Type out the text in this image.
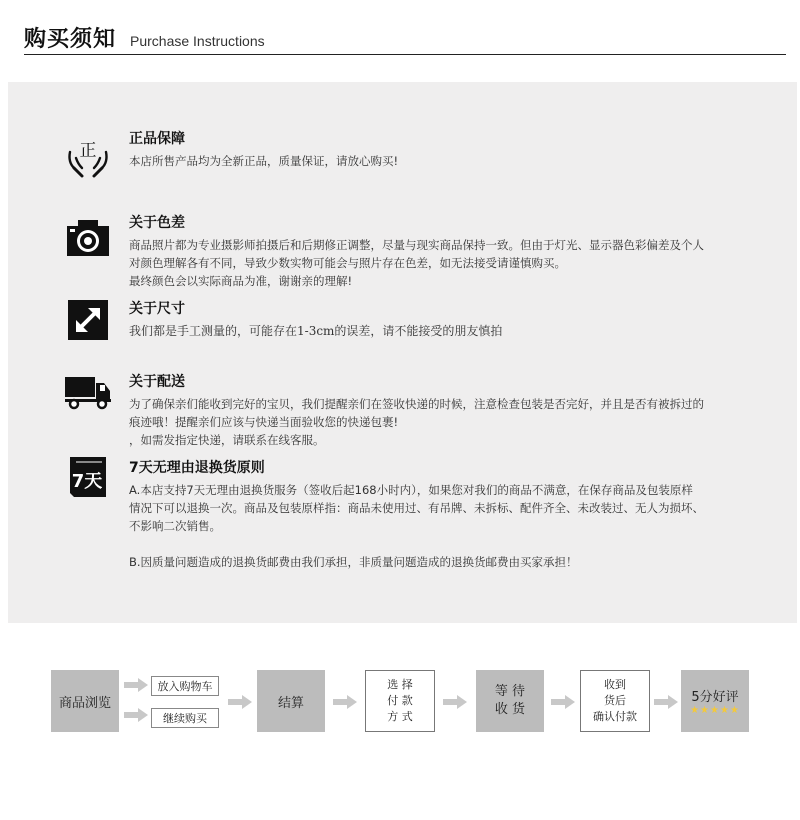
购买须知 Purchase Instructions
正
正品保障

本店所售产品均为全新正品，质量保证，请放心购买!

关于色差

商品照片都为专业摄影师拍摄后和后期修正调整，尽量与现实商品保持一致。但由于灯光、显示器色彩偏差及个人

对颜色理解各有不同，导致少数实物可能会与照片存在色差，如无法接受请谨慎购买。

最终颜色会以实际商品为准，谢谢亲的理解!

关于尺寸

我们都是手工测量的，可能存在1-3cm的误差，请不能接受的朋友慎拍

关于配送

为了确保亲们能收到完好的宝贝，我们提醒亲们在签收快递的时候，注意检查包装是否完好，并且是否有被拆过的

痕迹哦！提醒亲们应该与快递当面验收您的快递包裹!

，如需发指定快递，请联系在线客服。

7天
7天无理由退换货原则

A.本店支持7天无理由退换货服务（签收后起168小时内），如果您对我们的商品不满意，在保存商品及包装原样

情况下可以退换一次。商品及包装原样指：商品未使用过、有吊牌、未拆标、配件齐全、未改装过、无人为损坏、

不影响二次销售。

B.因质量问题造成的退换货邮费由我们承担，非质量问题造成的退换货邮费由买家承担！

商品浏览
放入购物车
继续购买
结算
选 择
付 款
方 式
等 待
收 货
收到
货后
确认付款
5分好评
★★★★★
